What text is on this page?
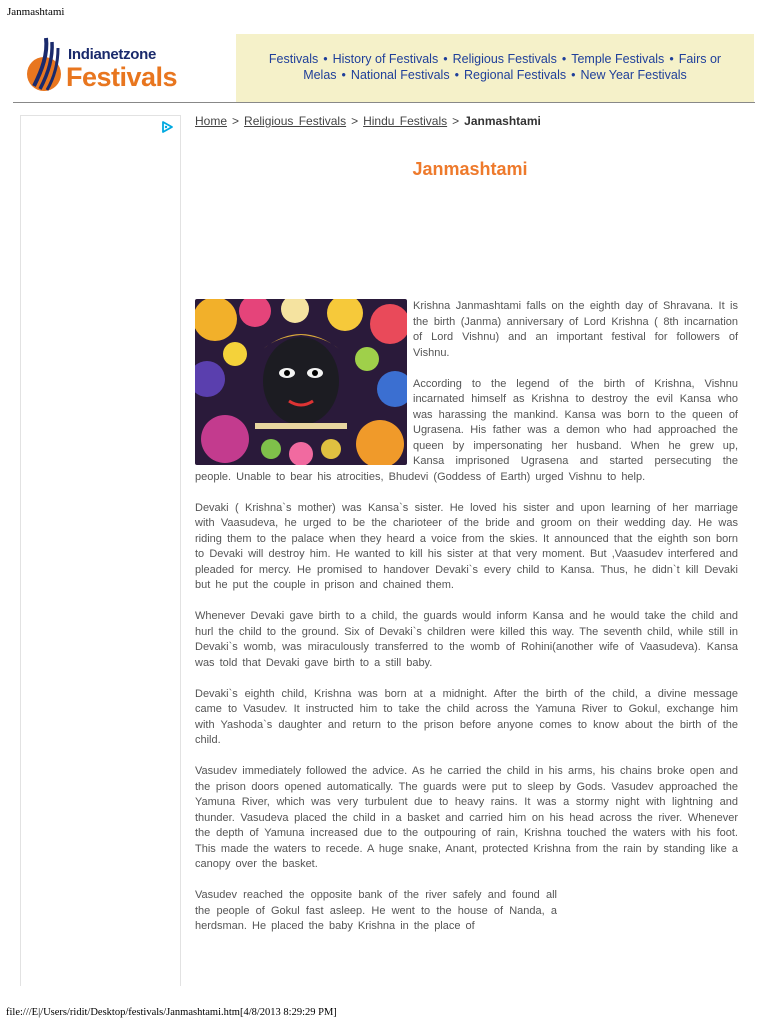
Janmashtami
Indianetzone
Festivals
Festivals • History of Festivals • Religious Festivals • Temple Festivals • Fairs or Melas • National Festivals • Regional Festivals • New Year Festivals
Home > Religious Festivals > Hindu Festivals > Janmashtami
Janmashtami

Krishna Janmashtami falls on the eighth day of Shravana. It is the birth (Janma) anniversary of Lord Krishna ( 8th incarnation of Lord Vishnu) and an important festival for followers of Vishnu.

According to the legend of the birth of Krishna, Vishnu incarnated himself as Krishna to destroy the evil Kansa who was harassing the mankind. Kansa was born to the queen of Ugrasena. His father was a demon who had approached the queen by impersonating her husband. When he grew up, Kansa imprisoned Ugrasena and started persecuting the people. Unable to bear his atrocities, Bhudevi (Goddess of Earth) urged Vishnu to help.

Devaki ( Krishna`s mother) was Kansa`s sister. He loved his sister and upon learning of her marriage with Vaasudeva, he urged to be the charioteer of the bride and groom on their wedding day. He was riding them to the palace when they heard a voice from the skies. It announced that the eighth son born to Devaki will destroy him. He wanted to kill his sister at that very moment. But ,Vaasudev interfered and pleaded for mercy. He promised to handover Devaki`s every child to Kansa. Thus, he didn`t kill Devaki but he put the couple in prison and chained them.

Whenever Devaki gave birth to a child, the guards would inform Kansa and he would take the child and hurl the child to the ground. Six of Devaki`s children were killed this way. The seventh child, while still in Devaki`s womb, was miraculously transferred to the womb of Rohini(another wife of Vaasudeva). Kansa was told that Devaki gave birth to a still baby.

Devaki`s eighth child, Krishna was born at a midnight. After the birth of the child, a divine message came to Vasudev. It instructed him to take the child across the Yamuna River to Gokul, exchange him with Yashoda`s daughter and return to the prison before anyone comes to know about the birth of the child.

Vasudev immediately followed the advice. As he carried the child in his arms, his chains broke open and the prison doors opened automatically. The guards were put to sleep by Gods. Vasudev approached the Yamuna River, which was very turbulent due to heavy rains. It was a stormy night with lightning and thunder. Vasudeva placed the child in a basket and carried him on his head across the river. Whenever the depth of Yamuna increased due to the outpouring of rain, Krishna touched the waters with his foot. This made the waters to recede. A huge snake, Anant, protected Krishna from the rain by standing like a canopy over the basket.

Vasudev reached the opposite bank of the river safely and found all the people of Gokul fast asleep. He went to the house of Nanda, a herdsman. He placed the baby Krishna in the place of

file:///E|/Users/ridit/Desktop/festivals/Janmashtami.htm[4/8/2013 8:29:29 PM]
